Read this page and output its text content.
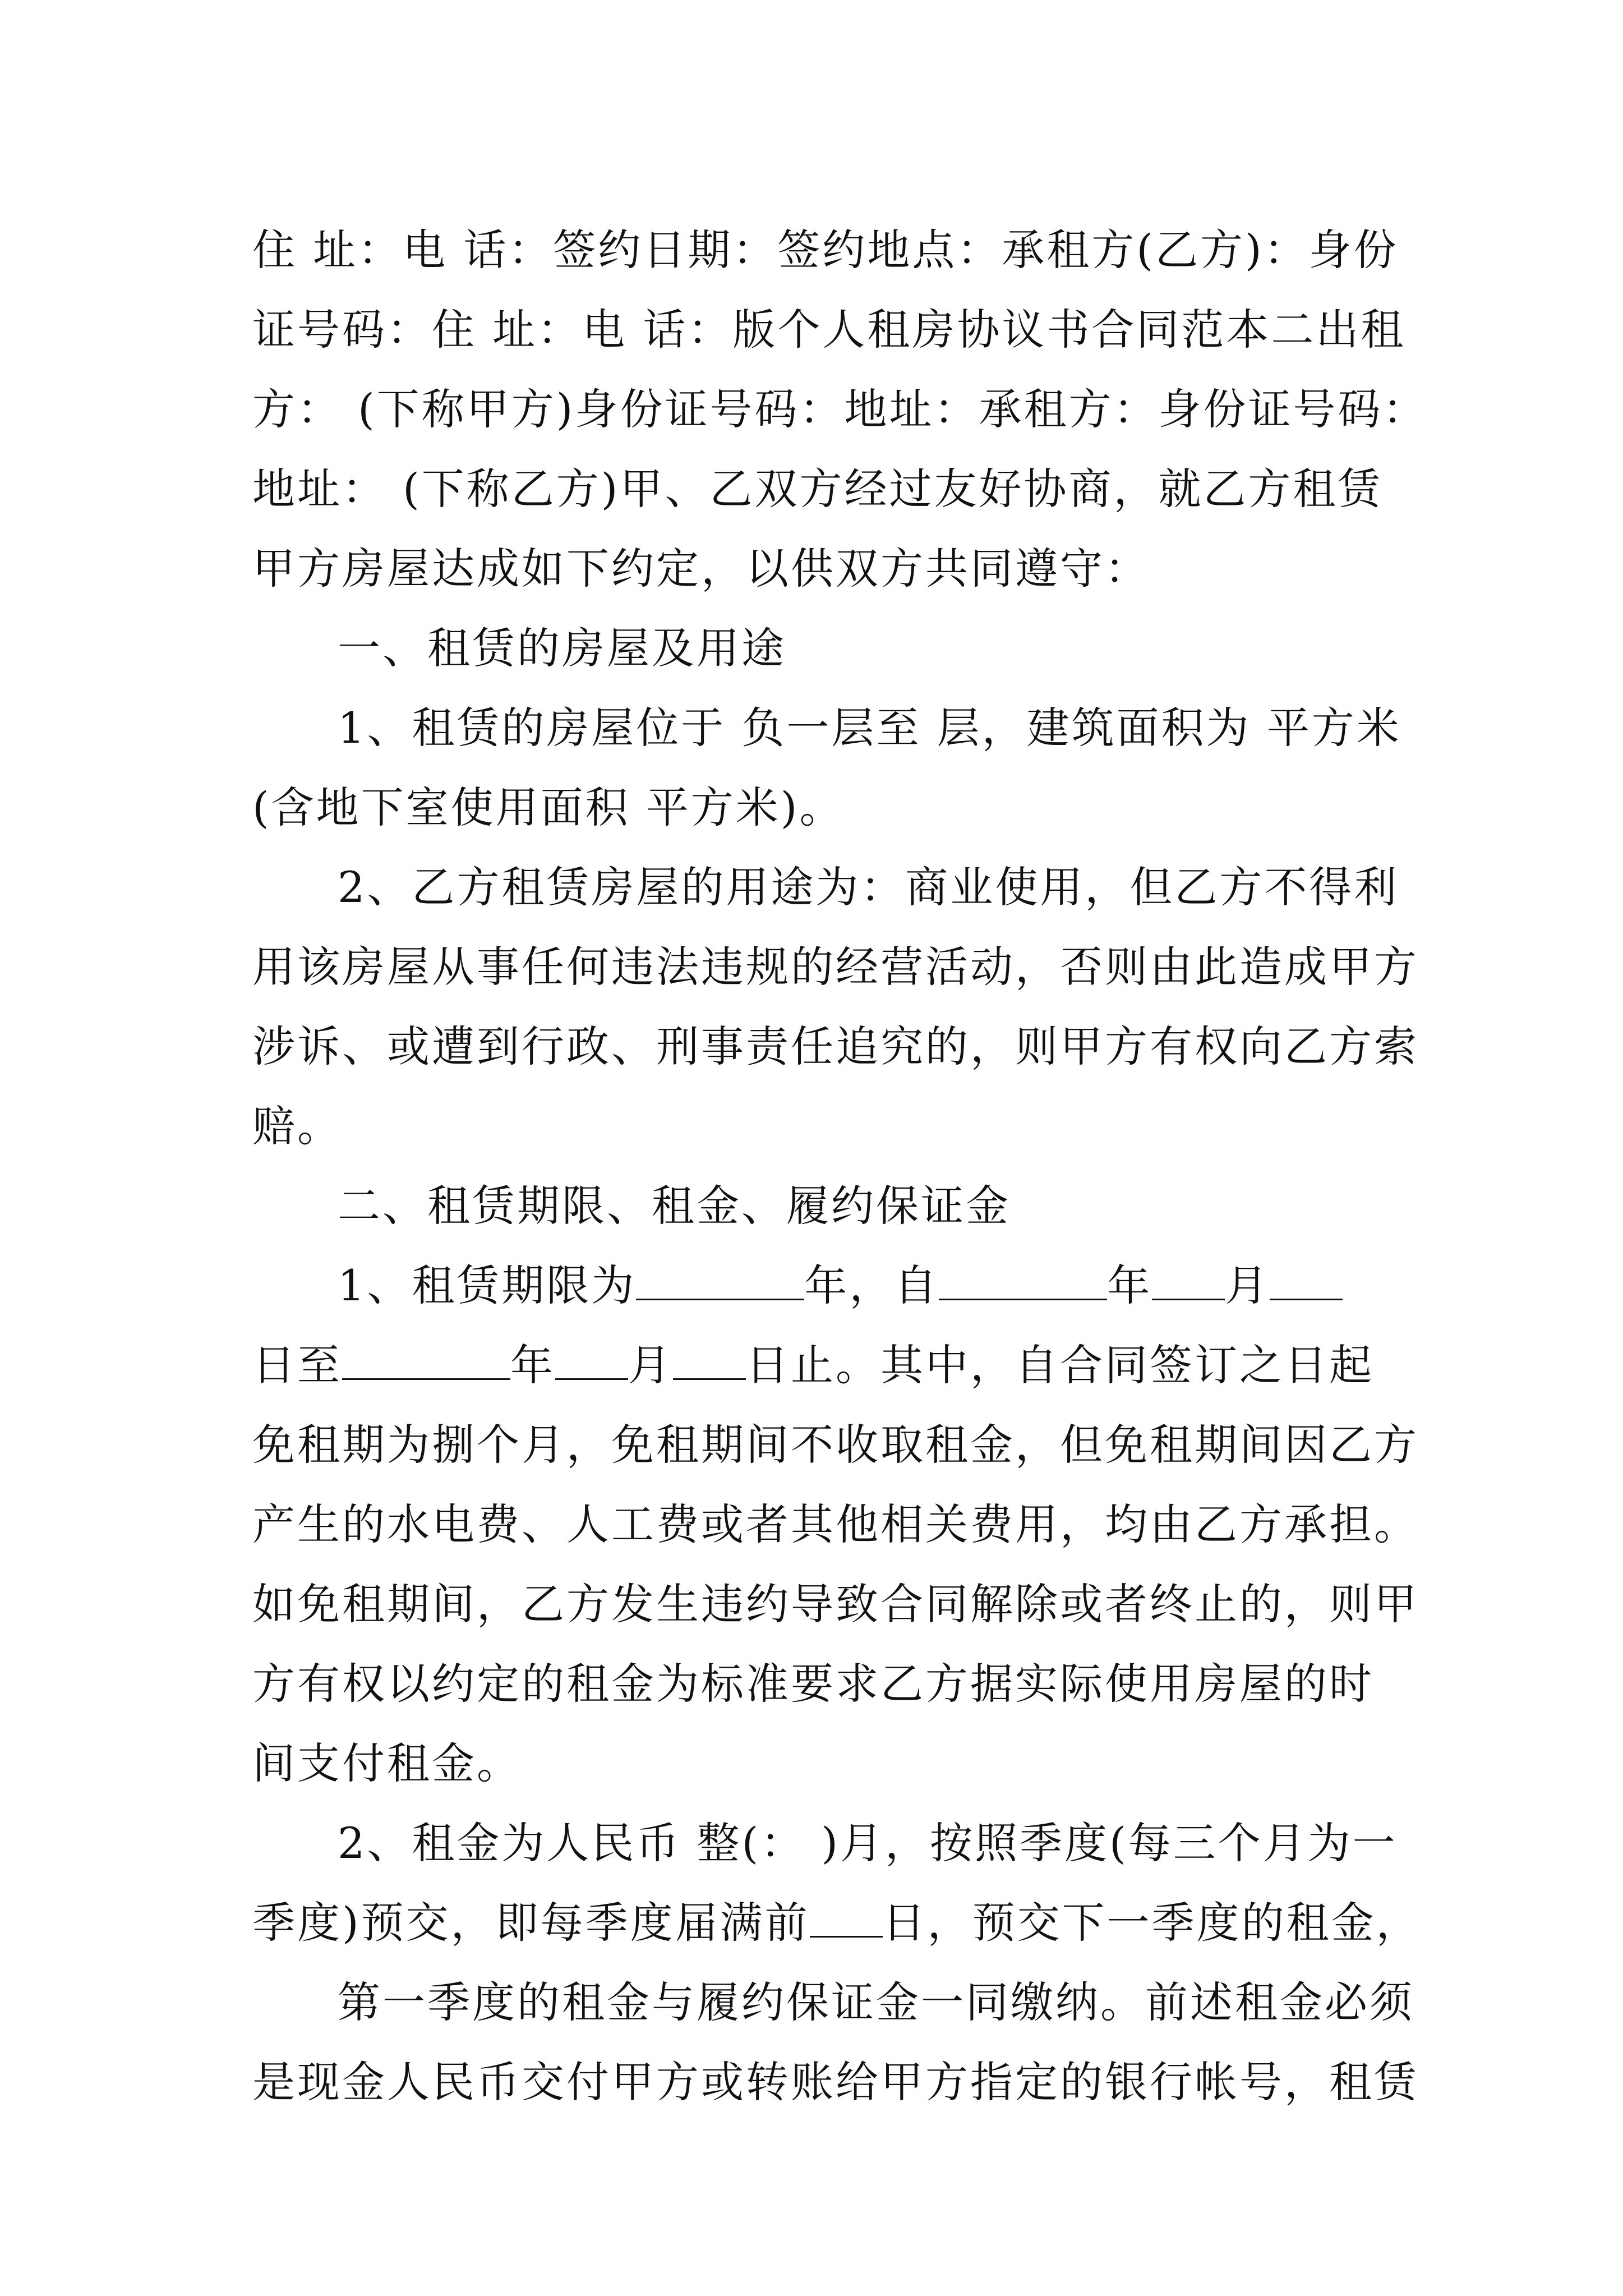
住 址：电 话：签约日期：签约地点：承租方(乙方)：身份
证号码：住 址：电 话：版个人租房协议书合同范本二出租
方： (下称甲方)身份证号码：地址：承租方：身份证号码：
地址： (下称乙方)甲、乙双方经过友好协商，就乙方租赁
甲方房屋达成如下约定，以供双方共同遵守：
一、租赁的房屋及用途
1、租赁的房屋位于 负一层至 层，建筑面积为 平方米
(含地下室使用面积 平方米)。
2、乙方租赁房屋的用途为：商业使用，但乙方不得利
用该房屋从事任何违法违规的经营活动，否则由此造成甲方
涉诉、或遭到行政、刑事责任追究的，则甲方有权向乙方索
赔。
二、租赁期限、租金、履约保证金
1、租赁期限为	年，自	年 月
日至	年 月 日止。其中，自合同签订之日起
免租期为捌个月，免租期间不收取租金，但免租期间因乙方
产生的水电费、人工费或者其他相关费用，均由乙方承担。
如免租期间，乙方发生违约导致合同解除或者终止的，则甲
方有权以约定的租金为标准要求乙方据实际使用房屋的时
间支付租金。
2、租金为人民币 整(： )月，按照季度(每三个月为一
季度)预交，即每季度届满前 日，预交下一季度的租金，
第一季度的租金与履约保证金一同缴纳。前述租金必须
是现金人民币交付甲方或转账给甲方指定的银行帐号，租赁
